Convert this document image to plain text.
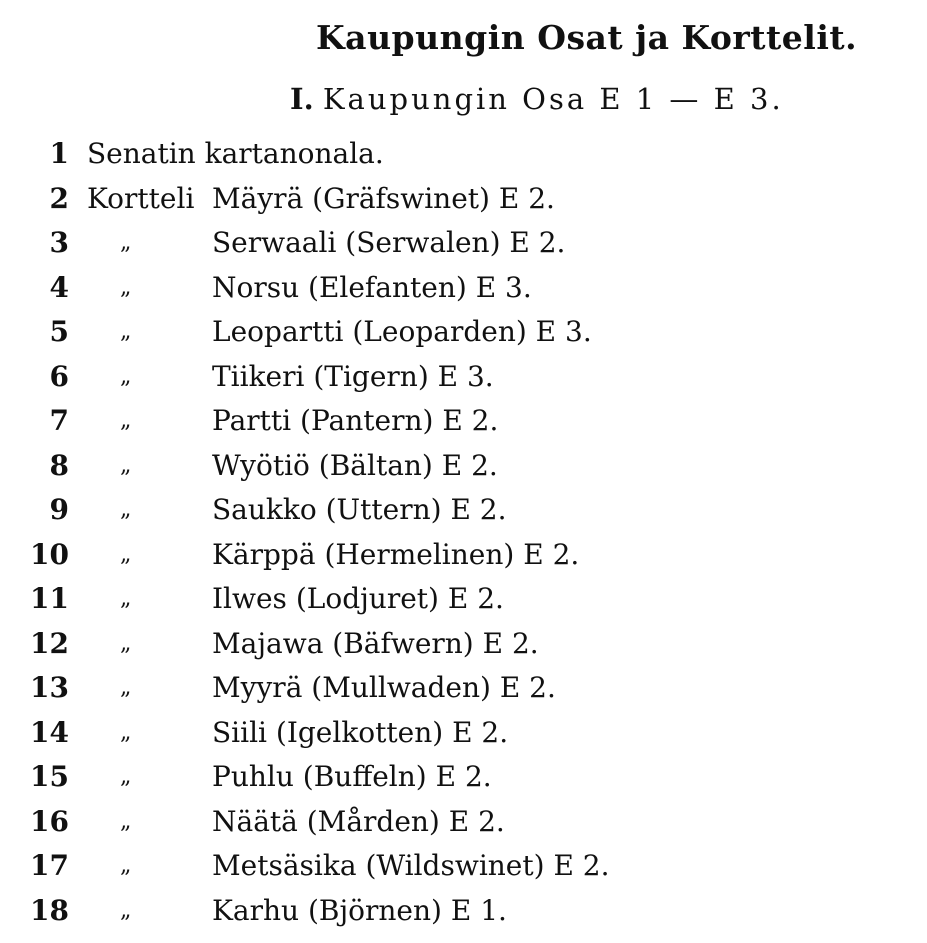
Kaupungin Osat ja Korttelit.
I. Kaupungin Osa E 1 — E 3.
1 Senatin kartanonala.
2 Kortteli Mäyrä (Gräfswinet) E 2.
3 „	Serwaali (Serwalen) E 2.
4 „	Norsu (Elefanten) E 3.
5 „	Leopartti (Leoparden) E 3.
6 „	Tiikeri (Tigern) E 3.
7 „	Partti (Pantern) E 2.
8 „	Wyötiö (Bältan) E 2.
9 „	Saukko (Uttern) E 2.
10 „	Kärppä (Hermelinen) E 2.
11 „	Ilwes (Lodjuret) E 2.
12 „	Majawa (Bäfwern) E 2.
13 „	Myyrä (Mullwaden) E 2.
14 „	Siili (Igelkotten) E 2.
15 „	Puhlu (Buffeln) E 2.
16 „	Näätä (Mården) E 2.
17 „	Metsäsika (Wildswinet) E 2.
18 „	Karhu (Björnen) E 1.
